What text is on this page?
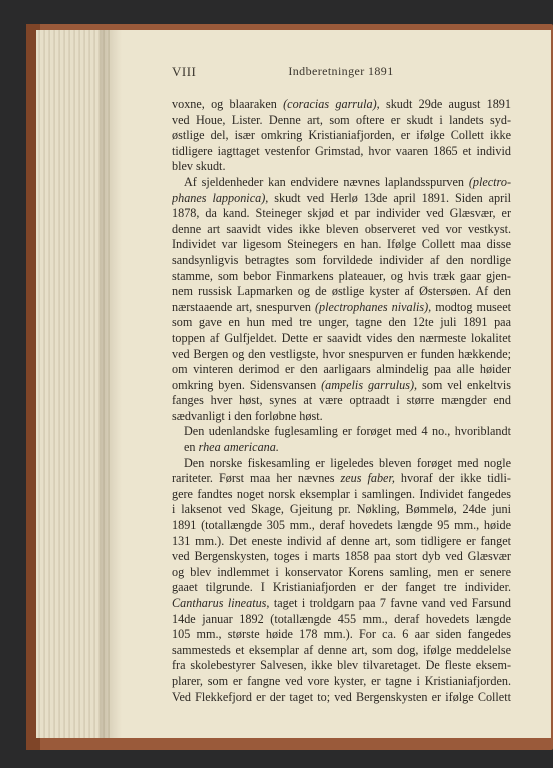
Indberetninger 1891
VIII
voxne, og blaaraken (coracias garrula), skudt 29de august 1891
ved Houe, Lister. Denne art, som oftere er skudt i landets syd-
østlige del, især omkring Kristianiafjorden, er ifølge Collett ikke
tidligere iagttaget vestenfor Grimstad, hvor vaaren 1865 et individ
blev skudt.
Af sjeldenheder kan endvidere nævnes laplandsspurven (plectro-
phanes lapponica), skudt ved Herlø 13de april 1891. Siden april
1878, da kand. Steineger skjød et par individer ved Glæsvær, er
denne art saavidt vides ikke bleven observeret ved vor vestkyst.
Individet var ligesom Steinegers en han. Ifølge Collett maa disse
sandsynligvis betragtes som forvildede individer af den nordlige
stamme, som bebor Finmarkens plateauer, og hvis træk gaar gjen-
nem russisk Lapmarken og de østlige kyster af Østersøen. Af den
nærstaaende art, snespurven (plectrophanes nivalis), modtog museet
som gave en hun med tre unger, tagne den 12te juli 1891 paa
toppen af Gulfjeldet. Dette er saavidt vides den nærmeste lokalitet
ved Bergen og den vestligste, hvor snespurven er funden hækkende;
om vinteren derimod er den aarligaars almindelig paa alle høider
omkring byen. Sidensvansen (ampelis garrulus), som vel enkeltvis
fanges hver høst, synes at være optraadt i større mængder end
sædvanligt i den forløbne høst.
Den udenlandske fuglesamling er forøget med 4 no., hvoriblandt
en rhea americana.
Den norske fiskesamling er ligeledes bleven forøget med nogle
rariteter. Først maa her nævnes zeus faber, hvoraf der ikke tidli-
gere fandtes noget norsk eksemplar i samlingen. Individet fangedes
i laksenot ved Skage, Gjeitung pr. Nøkling, Bømmelø, 24de juni
1891 (totallængde 305 mm., deraf hovedets længde 95 mm., høide
131 mm.). Det eneste individ af denne art, som tidligere er fanget
ved Bergenskysten, toges i marts 1858 paa stort dyb ved Glæsvær
og blev indlemmet i konservator Korens samling, men er senere
gaaet tilgrunde. I Kristianiafjorden er der fanget tre individer.
Cantharus lineatus, taget i troldgarn paa 7 favne vand ved Farsund
14de januar 1892 (totallængde 455 mm., deraf hovedets længde
105 mm., største høide 178 mm.). For ca. 6 aar siden fangedes
sammesteds et eksemplar af denne art, som dog, ifølge meddelelse
fra skolebestyrer Salvesen, ikke blev tilvaretaget. De fleste eksem-
plarer, som er fangne ved vore kyster, er tagne i Kristianiafjorden.
Ved Flekkefjord er der taget to; ved Bergenskysten er ifølge Collett
